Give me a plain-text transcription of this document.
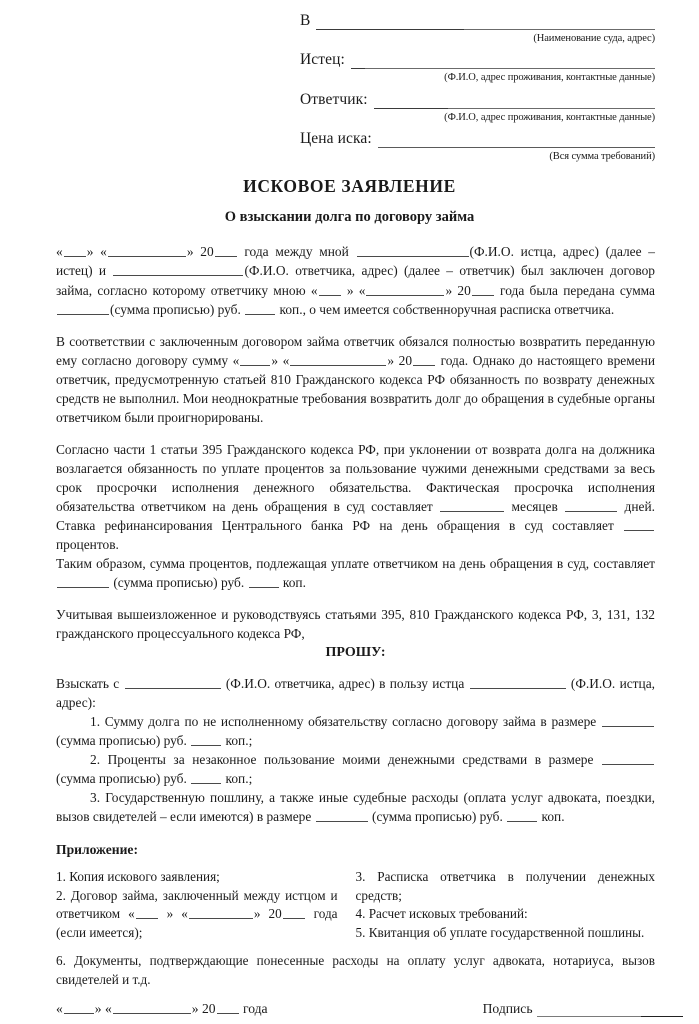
В
(Наименование суда, адрес)
Истец:
(Ф.И.О, адрес проживания, контактные данные)
Ответчик:
(Ф.И.О, адрес проживания, контактные данные)
Цена иска:
(Вся сумма требований)
ИСКОВОЕ ЗАЯВЛЕНИЕ
О взыскании долга по договору займа

« » «	» 20 года между мной	(Ф.И.О. истца, адрес) (далее – истец) и	(Ф.И.О. ответчика, адрес) (далее – ответчик) был заключен договор займа, согласно которому ответчику мною « » «	» 20 года была передана сумма (сумма прописью) руб.  коп., о чем имеется собственноручная расписка ответчика.

В соответствии с заключенным договором займа ответчик обязался полностью возвратить переданную ему согласно договору сумму « » «	» 20 года. Однако до настоящего времени ответчик, предусмотренную статьей 810 Гражданского кодекса РФ обязанность по возврату денежных средств не выполнил. Мои неоднократные требования возвратить долг до обращения в судебные органы ответчиком были проигнорированы.

Согласно части 1 статьи 395 Гражданского кодекса РФ, при уклонении от возврата долга на должника возлагается обязанность по уплате процентов за пользование чужими денежными средствами за весь срок просрочки исполнения денежного обязательства. Фактическая просрочка исполнения обязательства ответчиком на день обращения в суд составляет	месяцев	дней. Ставка рефинансирования Центрального банка РФ на день обращения в суд составляет  процентов.

Таким образом, сумма процентов, подлежащая уплате ответчиком на день обращения в суд, составляет  (сумма прописью) руб.  коп.

Учитывая вышеизложенное и руководствуясь статьями 395, 810 Гражданского кодекса РФ, 3, 131, 132 гражданского процессуального кодекса РФ,

ПРОШУ:

Взыскать с	(Ф.И.О. ответчика, адрес) в пользу истца	(Ф.И.О. истца, адрес):

1. Сумму долга по не исполненному обязательству согласно договору займа в размере  (сумма прописью) руб.  коп.;

2. Проценты за незаконное пользование моими денежными средствами в размере  (сумма прописью) руб.  коп.;

3. Государственную пошлину, а также иные судебные расходы (оплата услуг адвоката, поездки, вызов свидетелей – если имеются) в размере	(сумма прописью) руб.  коп.

Приложение:

1. Копия искового заявления;

2. Договор займа, заключенный между истцом и ответчиком « » «	» 20 года (если имеется);

3. Расписка ответчика в получении денежных средств;

4. Расчет исковых требований:

5. Квитанция об уплате государственной пошлины.

6. Документы, подтверждающие понесенные расходы на оплату услуг адвоката, нотариуса, вызов свидетелей и т.д.

« » «	» 20 года	Подпись
